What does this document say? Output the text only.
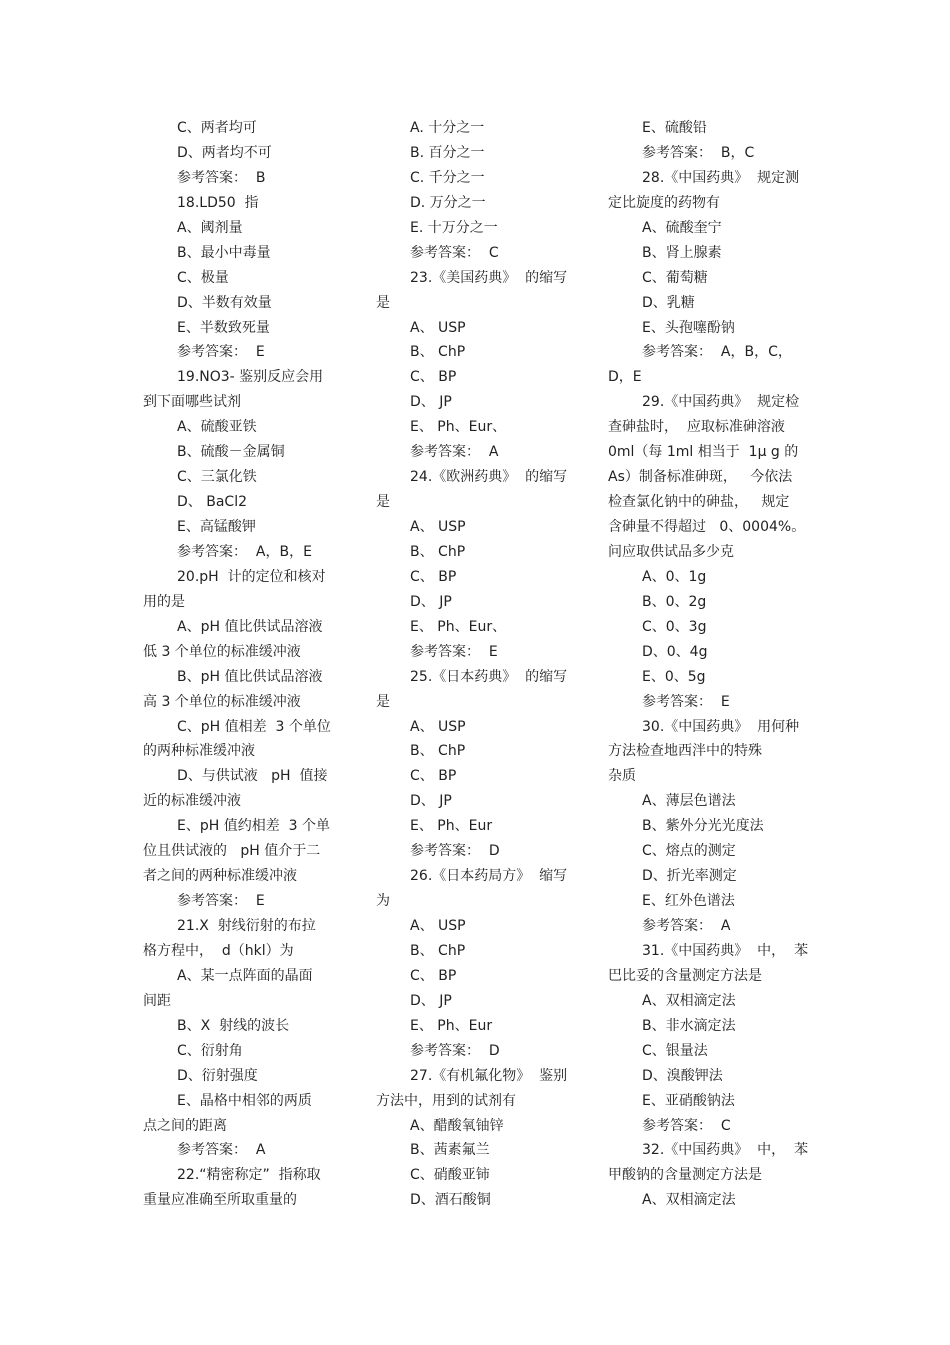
C、两者均可
D、两者均不可
参考答案：  B
18.LD50  指
A、阈剂量
B、最小中毒量
C、极量
D、半数有效量
E、半数致死量
参考答案：  E
19.NO3- 鉴别反应会用
到下面哪些试剂
A、硫酸亚铁
B、硫酸－金属铜
C、三氯化铁
D、 BaCl2
E、高锰酸钾
参考答案：  A，B，E
20.pH  计的定位和核对
用的是
A、pH 值比供试品溶液
低 3 个单位的标准缓冲液
B、pH 值比供试品溶液
高 3 个单位的标准缓冲液
C、pH 值相差  3 个单位
的两种标准缓冲液
D、与供试液   pH  值接
近的标准缓冲液
E、pH 值约相差  3 个单
位且供试液的   pH 值介于二
者之间的两种标准缓冲液
参考答案：  E
21.X  射线衍射的布拉
格方程中，  d（hkl）为
A、某一点阵面的晶面
间距
B、X  射线的波长
C、衍射角
D、衍射强度
E、晶格中相邻的两质
点之间的距离
参考答案：  A
22.“精密称定”  指称取
重量应准确至所取重量的
A. 十分之一
B. 百分之一
C. 千分之一
D. 万分之一
E. 十万分之一
参考答案：  C
23.《美国药典》  的缩写
是
A、 USP
B、 ChP
C、 BP
D、 JP
E、 Ph、Eur、
参考答案：  A
24.《欧洲药典》  的缩写
是
A、 USP
B、 ChP
C、 BP
D、 JP
E、 Ph、Eur、
参考答案：  E
25.《日本药典》  的缩写
是
A、 USP
B、 ChP
C、 BP
D、 JP
E、 Ph、Eur
参考答案：  D
26.《日本药局方》  缩写
为
A、 USP
B、 ChP
C、 BP
D、 JP
E、 Ph、Eur
参考答案：  D
27.《有机氟化物》  鉴别
方法中，用到的试剂有
A、醋酸氧铀锌
B、茜素氟兰
C、硝酸亚铈
D、酒石酸铜
E、硫酸铅
参考答案：  B，C
28.《中国药典》  规定测
定比旋度的药物有
A、硫酸奎宁
B、肾上腺素
C、葡萄糖
D、乳糖
E、头孢噻酚钠
参考答案：  A，B，C，
D，E
29.《中国药典》  规定检
查砷盐时，  应取标准砷溶液
0ml（每 1ml 相当于  1μ g 的
As）制备标准砷斑，   今依法
检查氯化钠中的砷盐，   规定
含砷量不得超过   0、0004%。
问应取供试品多少克
A、0、1g
B、0、2g
C、0、3g
D、0、4g
E、0、5g
参考答案：  E
30.《中国药典》  用何种
方法检查地西泮中的特殊
杂质
A、薄层色谱法
B、紫外分光光度法
C、熔点的测定
D、折光率测定
E、红外色谱法
参考答案：  A
31.《中国药典》  中，  苯
巴比妥的含量测定方法是
A、双相滴定法
B、非水滴定法
C、银量法
D、溴酸钾法
E、亚硝酸钠法
参考答案：  C
32.《中国药典》  中，  苯
甲酸钠的含量测定方法是
A、双相滴定法
